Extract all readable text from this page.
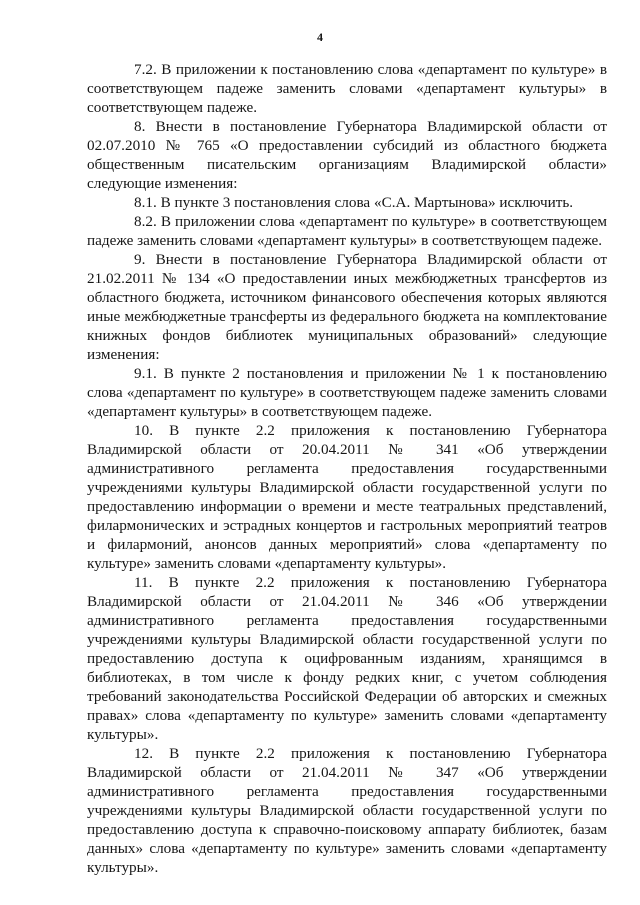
4

7.2. В приложении к постановлению слова «департамент по культуре» в соответствующем падеже заменить словами «департамент культуры» в соответствующем падеже.

8. Внести в постановление Губернатора Владимирской области от 02.07.2010 № 765 «О предоставлении субсидий из областного бюджета общественным писательским организациям Владимирской области» следующие изменения:

8.1. В пункте 3 постановления слова «С.А. Мартынова» исключить.

8.2. В приложении слова «департамент по культуре» в соответствующем падеже заменить словами «департамент культуры» в соответствующем падеже.

9. Внести в постановление Губернатора Владимирской области от 21.02.2011 № 134 «О предоставлении иных межбюджетных трансфертов из областного бюджета, источником финансового обеспечения которых являются иные межбюджетные трансферты из федерального бюджета на комплектование книжных фондов библиотек муниципальных образований» следующие изменения:

9.1. В пункте 2 постановления и приложении № 1 к постановлению слова «департамент по культуре» в соответствующем падеже заменить словами «департамент культуры» в соответствующем падеже.

10. В пункте 2.2 приложения к постановлению Губернатора Владимирской области от 20.04.2011 № 341 «Об утверждении административного регламента предоставления государственными учреждениями культуры Владимирской области государственной услуги по предоставлению информации о времени и месте театральных представлений, филармонических и эстрадных концертов и гастрольных мероприятий театров и филармоний, анонсов данных мероприятий» слова «департаменту по культуре» заменить словами «департаменту культуры».

11. В пункте 2.2 приложения к постановлению Губернатора Владимирской области от 21.04.2011 № 346 «Об утверждении административного регламента предоставления государственными учреждениями культуры Владимирской области государственной услуги по предоставлению доступа к оцифрованным изданиям, хранящимся в библиотеках, в том числе к фонду редких книг, с учетом соблюдения требований законодательства Российской Федерации об авторских и смежных правах» слова «департаменту по культуре» заменить словами «департаменту культуры».

12. В пункте 2.2 приложения к постановлению Губернатора Владимирской области от 21.04.2011 № 347 «Об утверждении административного регламента предоставления государственными учреждениями культуры Владимирской области государственной услуги по предоставлению доступа к справочно-поисковому аппарату библиотек, базам данных» слова «департаменту по культуре» заменить словами «департаменту культуры».
